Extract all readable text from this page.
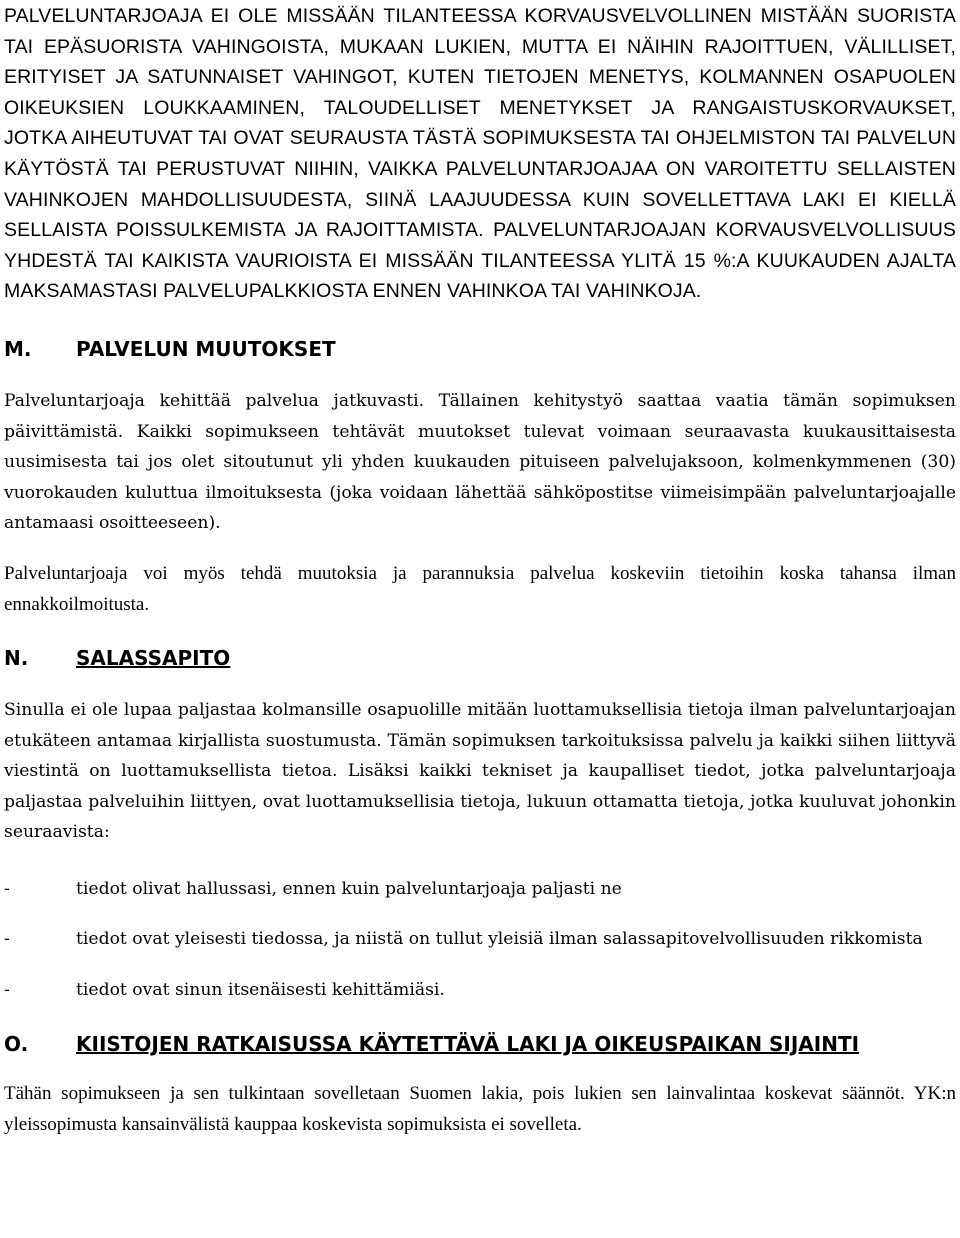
PALVELUNTARJOAJA EI OLE MISSÄÄN TILANTEESSA KORVAUSVELVOLLINEN MISTÄÄN SUORISTA TAI EPÄSUORISTA VAHINGOISTA, MUKAAN LUKIEN, MUTTA EI NÄIHIN RAJOITTUEN, VÄLILLISET, ERITYISET JA SATUNNAISET VAHINGOT, KUTEN TIETOJEN MENETYS, KOLMANNEN OSAPUOLEN OIKEUKSIEN LOUKKAAMINEN, TALOUDELLISET MENETYKSET JA RANGAISTUSKORVAUKSET, JOTKA AIHEUTUVAT TAI OVAT SEURAUSTA TÄSTÄ SOPIMUKSESTA TAI OHJELMISTON TAI PALVELUN KÄYTÖSTÄ TAI PERUSTUVAT NIIHIN, VAIKKA PALVELUNTARJOAJAA ON VAROITETTU SELLAISTEN VAHINKOJEN MAHDOLLISUUDESTA, SIINÄ LAAJUUDESSA KUIN SOVELLETTAVA LAKI EI KIELLÄ SELLAISTA POISSULKEMISTA JA RAJOITTAMISTA. PALVELUNTARJOAJAN KORVAUSVELVOLLISUUS YHDESTÄ TAI KAIKISTA VAURIOISTA EI MISSÄÄN TILANTEESSA YLITÄ 15 %:A KUUKAUDEN AJALTA MAKSAMASTASI PALVELUPALKKIOSTA ENNEN VAHINKOA TAI VAHINKOJA.

M.	PALVELUN MUUTOKSET

Palveluntarjoaja kehittää palvelua jatkuvasti. Tällainen kehitystyö saattaa vaatia tämän sopimuksen päivittämistä. Kaikki sopimukseen tehtävät muutokset tulevat voimaan seuraavasta kuukausittaisesta uusimisesta tai jos olet sitoutunut yli yhden kuukauden pituiseen palvelujaksoon, kolmenkymmenen (30) vuorokauden kuluttua ilmoituksesta (joka voidaan lähettää sähköpostitse viimeisimpään palveluntarjoajalle antamaasi osoitteeseen).

Palveluntarjoaja voi myös tehdä muutoksia ja parannuksia palvelua koskeviin tietoihin koska tahansa ilman ennakkoilmoitusta.

N.	SALASSAPITO

Sinulla ei ole lupaa paljastaa kolmansille osapuolille mitään luottamuksellisia tietoja ilman palveluntarjoajan etukäteen antamaa kirjallista suostumusta. Tämän sopimuksen tarkoituksissa palvelu ja kaikki siihen liittyvä viestintä on luottamuksellista tietoa. Lisäksi kaikki tekniset ja kaupalliset tiedot, jotka palveluntarjoaja paljastaa palveluihin liittyen, ovat luottamuksellisia tietoja, lukuun ottamatta tietoja, jotka kuuluvat johonkin seuraavista:

-	tiedot olivat hallussasi, ennen kuin palveluntarjoaja paljasti ne
-	tiedot ovat yleisesti tiedossa, ja niistä on tullut yleisiä ilman salassapitovelvollisuuden rikkomista
-	tiedot ovat sinun itsenäisesti kehittämiäsi.
O.	KIISTOJEN RATKAISUSSA KÄYTETTÄVÄ LAKI JA OIKEUSPAIKAN SIJAINTI

Tähän sopimukseen ja sen tulkintaan sovelletaan Suomen lakia, pois lukien sen lainvalintaa koskevat säännöt. YK:n yleissopimusta kansainvälistä kauppaa koskevista sopimuksista ei sovelleta.
